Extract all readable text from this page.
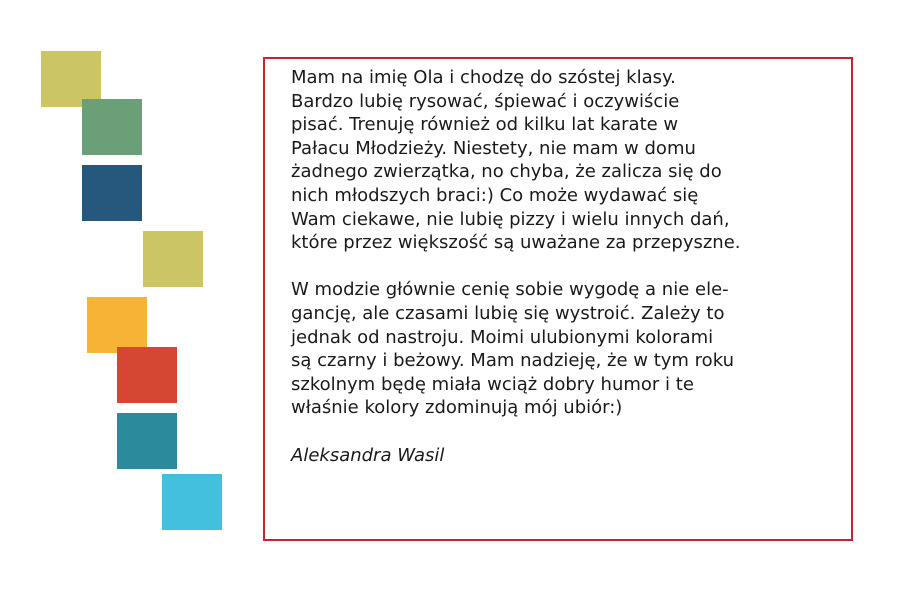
Mam na imię Ola i chodzę do szóstej klasy.
Bardzo lubię rysować, śpiewać i oczywiście
pisać. Trenuję również od kilku lat karate w
Pałacu Młodzieży. Niestety, nie mam w domu
żadnego zwierzątka, no chyba, że zalicza się do
nich młodszych braci:) Co może wydawać się
Wam ciekawe, nie lubię pizzy i wielu innych dań,
które przez większość są uważane za przepyszne.

W modzie głównie cenię sobie wygodę a nie ele-
gancję, ale czasami lubię się wystroić. Zależy to
jednak od nastroju. Moimi ulubionymi kolorami
są czarny i beżowy. Mam nadzieję, że w tym roku
szkolnym będę miała wciąż dobry humor i te
właśnie kolory zdominują mój ubiór:)

Aleksandra Wasil
